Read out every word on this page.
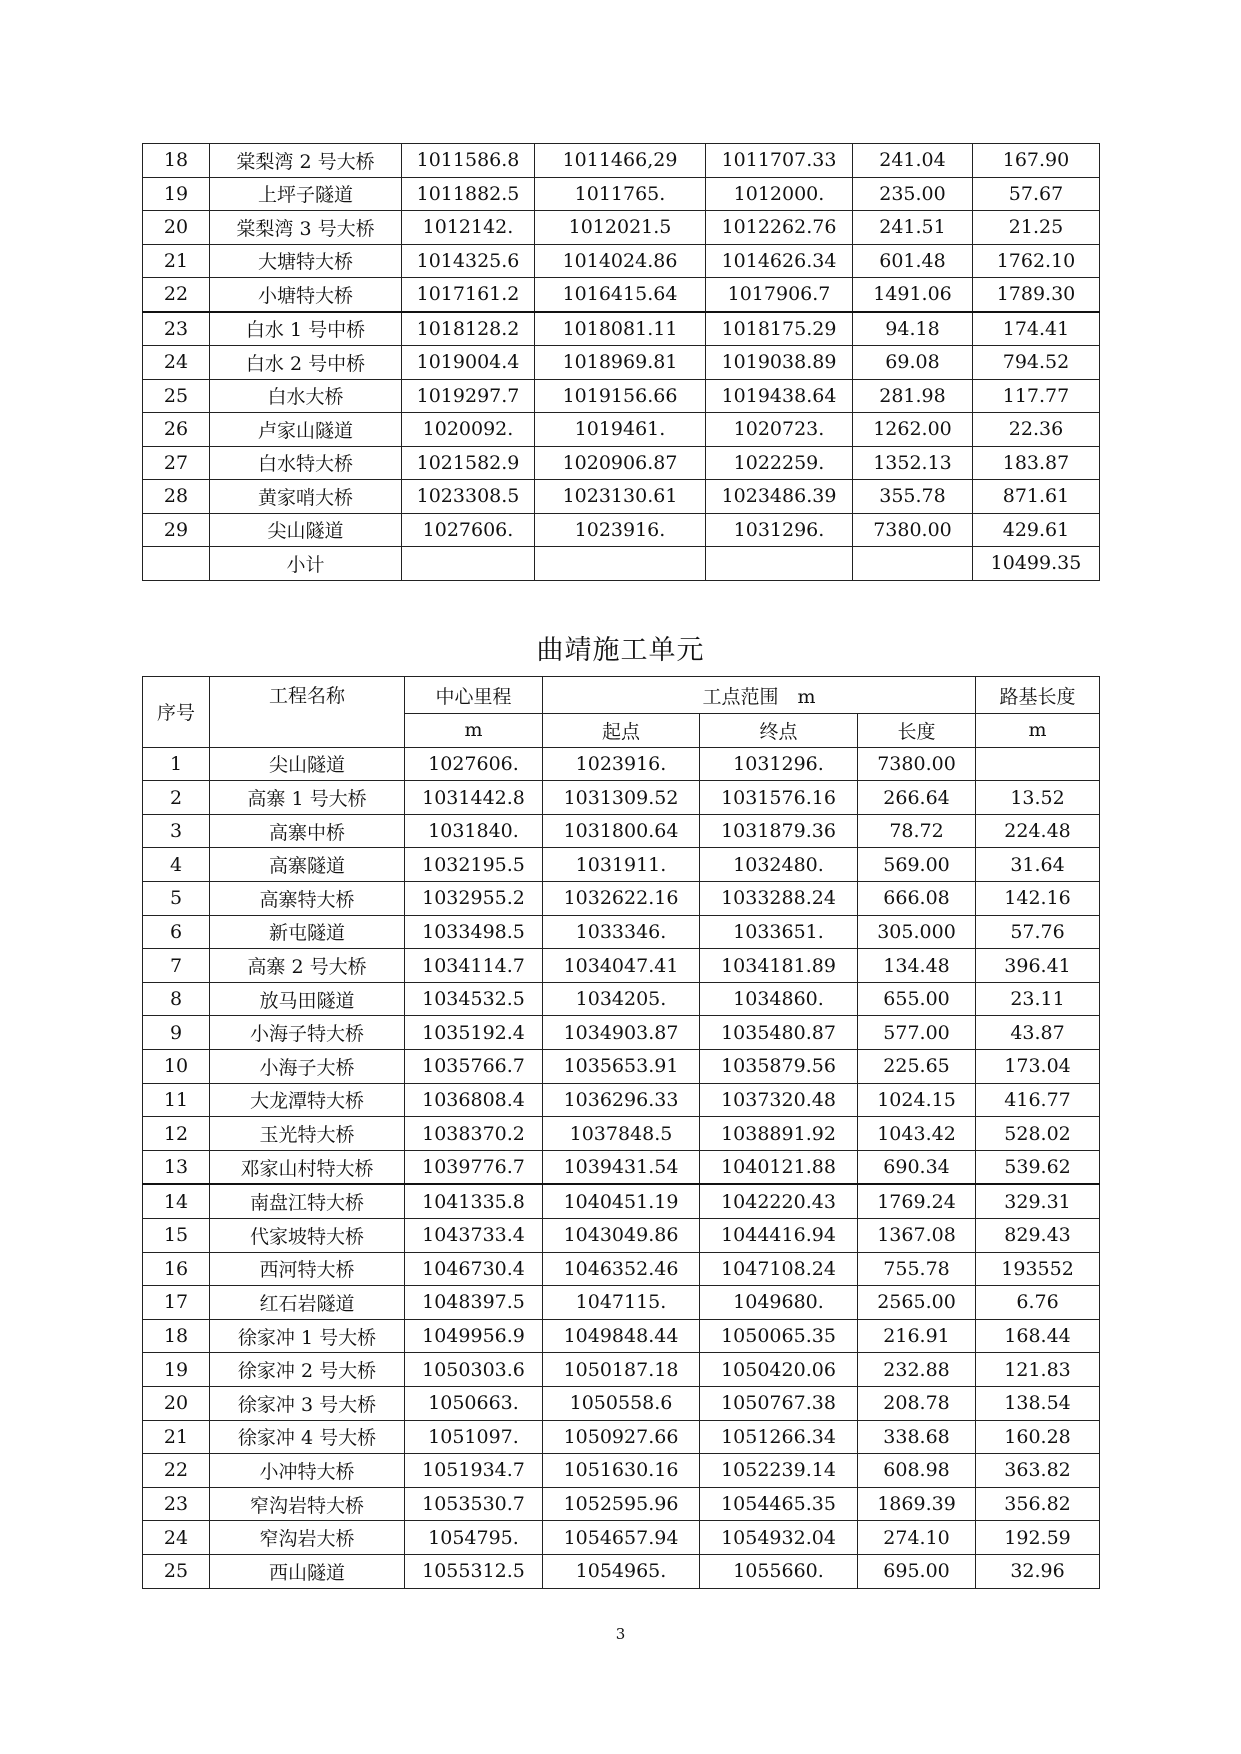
18	棠梨湾 2 号大桥	1011586.8	1011466,29	1011707.33	241.04	167.90
19	上坪子隧道	1011882.5	1011765.	1012000.	235.00	57.67
20	棠梨湾 3 号大桥	1012142.	1012021.5	1012262.76	241.51	21.25
21	大塘特大桥	1014325.6	1014024.86	1014626.34	601.48	1762.10
22	小塘特大桥	1017161.2	1016415.64	1017906.7	1491.06	1789.30
23	白水 1 号中桥	1018128.2	1018081.11	1018175.29	94.18	174.41
24	白水 2 号中桥	1019004.4	1018969.81	1019038.89	69.08	794.52
25	白水大桥	1019297.7	1019156.66	1019438.64	281.98	117.77
26	卢家山隧道	1020092.	1019461.	1020723.	1262.00	22.36
27	白水特大桥	1021582.9	1020906.87	1022259.	1352.13	183.87
28	黄家哨大桥	1023308.5	1023130.61	1023486.39	355.78	871.61
29	尖山隧道	1027606.	1023916.	1031296.	7380.00	429.61
	小计					10499.35
曲靖施工单元
序号	工程名称	中心里程	工点范围　m			路基长度
		m	起点	终点	长度	m
1	尖山隧道	1027606.	1023916.	1031296.	7380.00	
2	高寨 1 号大桥	1031442.8	1031309.52	1031576.16	266.64	13.52
3	高寨中桥	1031840.	1031800.64	1031879.36	78.72	224.48
4	高寨隧道	1032195.5	1031911.	1032480.	569.00	31.64
5	高寨特大桥	1032955.2	1032622.16	1033288.24	666.08	142.16
6	新屯隧道	1033498.5	1033346.	1033651.	305.000	57.76
7	高寨 2 号大桥	1034114.7	1034047.41	1034181.89	134.48	396.41
8	放马田隧道	1034532.5	1034205.	1034860.	655.00	23.11
9	小海子特大桥	1035192.4	1034903.87	1035480.87	577.00	43.87
10	小海子大桥	1035766.7	1035653.91	1035879.56	225.65	173.04
11	大龙潭特大桥	1036808.4	1036296.33	1037320.48	1024.15	416.77
12	玉光特大桥	1038370.2	1037848.5	1038891.92	1043.42	528.02
13	邓家山村特大桥	1039776.7	1039431.54	1040121.88	690.34	539.62
14	南盘江特大桥	1041335.8	1040451.19	1042220.43	1769.24	329.31
15	代家坡特大桥	1043733.4	1043049.86	1044416.94	1367.08	829.43
16	西河特大桥	1046730.4	1046352.46	1047108.24	755.78	193552
17	红石岩隧道	1048397.5	1047115.	1049680.	2565.00	6.76
18	徐家冲 1 号大桥	1049956.9	1049848.44	1050065.35	216.91	168.44
19	徐家冲 2 号大桥	1050303.6	1050187.18	1050420.06	232.88	121.83
20	徐家冲 3 号大桥	1050663.	1050558.6	1050767.38	208.78	138.54
21	徐家冲 4 号大桥	1051097.	1050927.66	1051266.34	338.68	160.28
22	小冲特大桥	1051934.7	1051630.16	1052239.14	608.98	363.82
23	窄沟岩特大桥	1053530.7	1052595.96	1054465.35	1869.39	356.82
24	窄沟岩大桥	1054795.	1054657.94	1054932.04	274.10	192.59
25	西山隧道	1055312.5	1054965.	1055660.	695.00	32.96
3
